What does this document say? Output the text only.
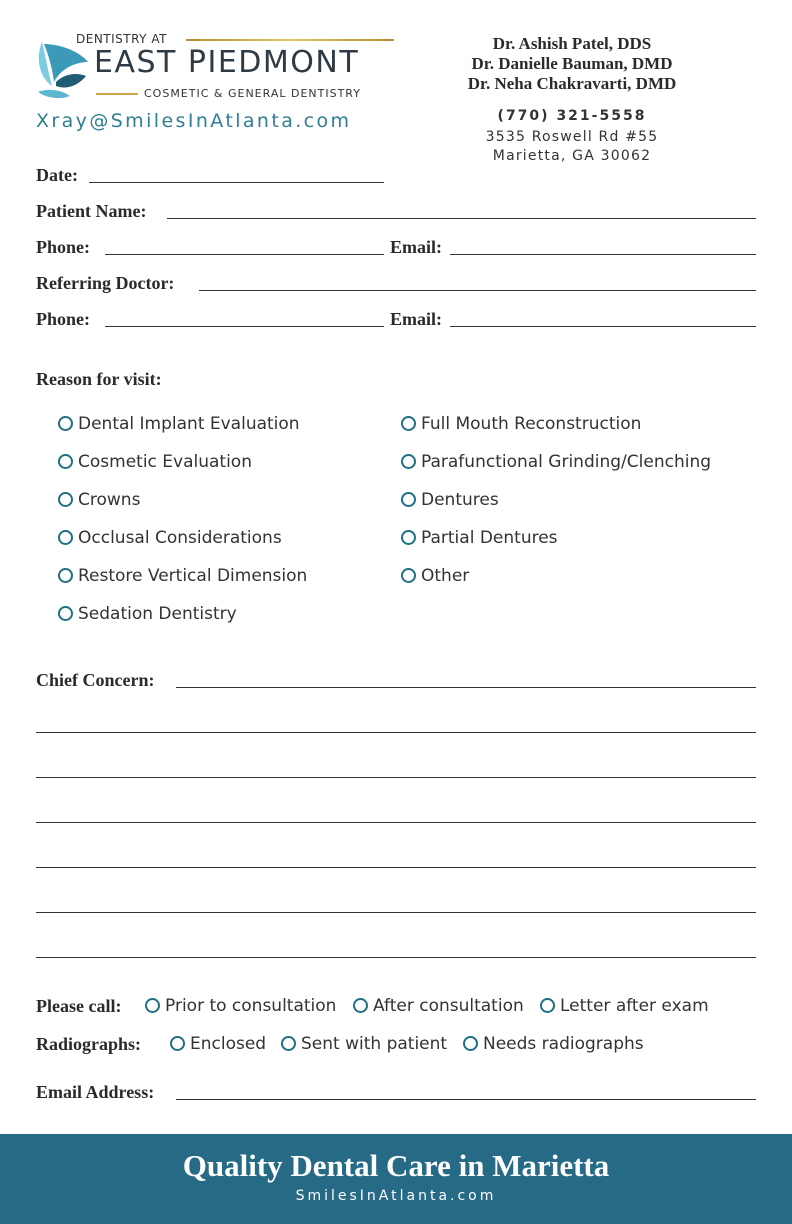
DENTISTRY AT
EAST PIEDMONT
COSMETIC & GENERAL DENTISTRY
Xray@SmilesInAtlanta.com
Dr. Ashish Patel, DDS
Dr. Danielle Bauman, DMD
Dr. Neha Chakravarti, DMD
(770) 321-5558
3535 Roswell Rd #55
Marietta, GA 30062
Date:
Patient Name:
Phone:	Email:
Referring Doctor:
Phone:	Email:
Reason for visit:
Dental Implant Evaluation
Cosmetic Evaluation
Crowns
Occlusal Considerations
Restore Vertical Dimension
Sedation Dentistry
Full Mouth Reconstruction
Parafunctional Grinding/Clenching
Dentures
Partial Dentures
Other
Chief Concern:
Please call:	Prior to consultation	After consultation	Letter after exam
Radiographs:	Enclosed	Sent with patient	Needs radiographs
Email Address:
Quality Dental Care in Marietta
SmilesInAtlanta.com
